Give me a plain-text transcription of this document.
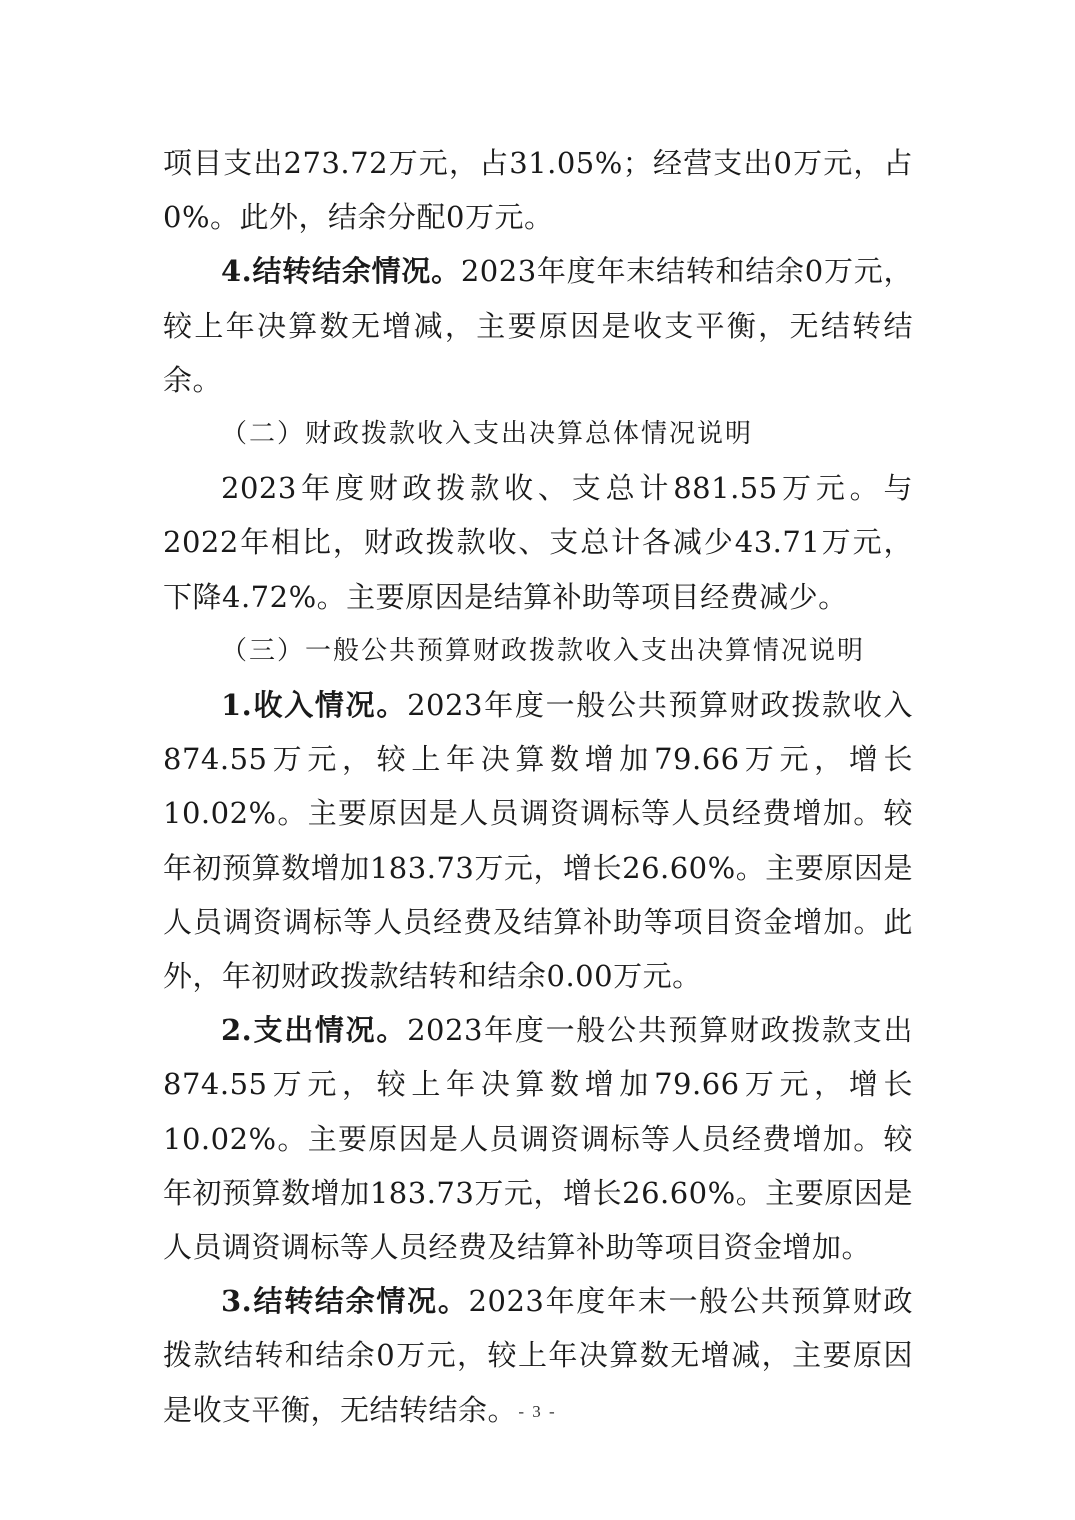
项目支出273.72万元，占31.05%；经营支出0万元，占0%。此外，结余分配0万元。

4.结转结余情况。2023年度年末结转和结余0万元，较上年决算数无增减，主要原因是收支平衡，无结转结余。

（二）财政拨款收入支出决算总体情况说明

2023年度财政拨款收、支总计881.55万元。与2022年相比，财政拨款收、支总计各减少43.71万元，下降4.72%。主要原因是结算补助等项目经费减少。

（三）一般公共预算财政拨款收入支出决算情况说明

1.收入情况。2023年度一般公共预算财政拨款收入874.55万元，较上年决算数增加79.66万元，增长10.02%。主要原因是人员调资调标等人员经费增加。较年初预算数增加183.73万元，增长26.60%。主要原因是人员调资调标等人员经费及结算补助等项目资金增加。此外，年初财政拨款结转和结余0.00万元。

2.支出情况。2023年度一般公共预算财政拨款支出874.55万元，较上年决算数增加79.66万元，增长10.02%。主要原因是人员调资调标等人员经费增加。较年初预算数增加183.73万元，增长26.60%。主要原因是人员调资调标等人员经费及结算补助等项目资金增加。

3.结转结余情况。2023年度年末一般公共预算财政拨款结转和结余0万元，较上年决算数无增减，主要原因是收支平衡，无结转结余。 - 3 -
